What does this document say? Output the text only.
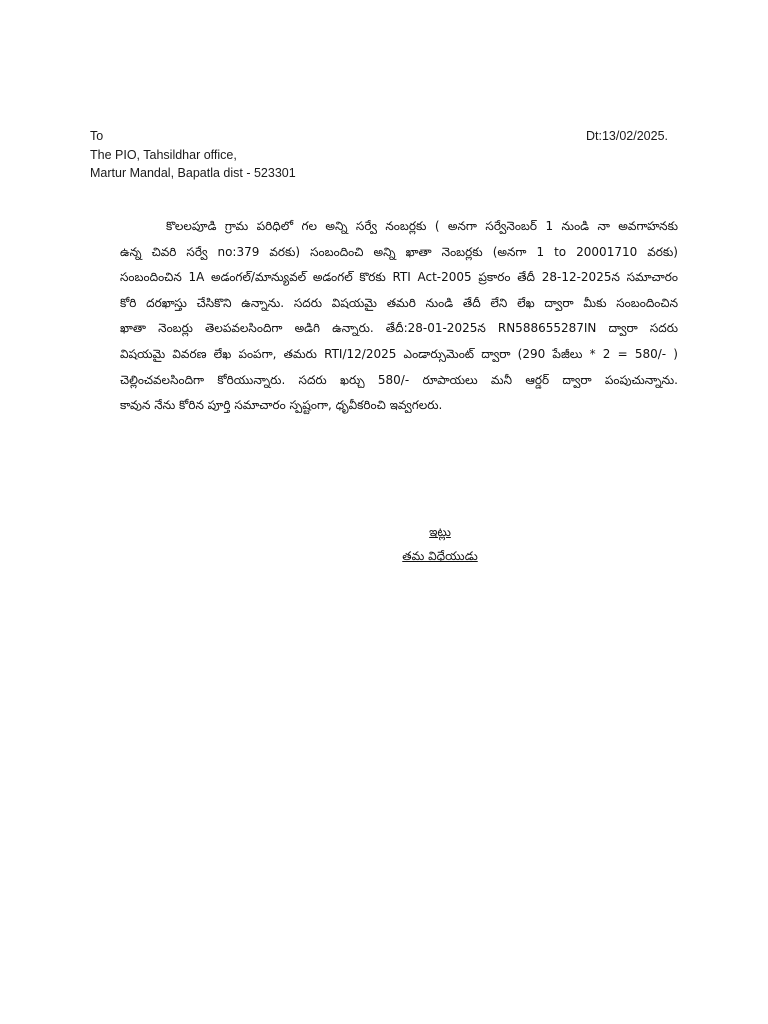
To
The PIO, Tahsildhar office,
Martur Mandal, Bapatla dist - 523301
Dt:13/02/2025.
కొలలపూడి గ్రామ పరిధిలో గల అన్ని సర్వే నంబర్లకు ( అనగా సర్వేనెంబర్ 1 నుండి నా అవగాహనకు
ఉన్న చివరి సర్వే no:379 వరకు) సంబందించి అన్ని ఖాతా నెంబర్లకు (అనగా 1 to 20001710 వరకు)
సంబందించిన 1A అడంగల్/మాన్యువల్ అడంగల్ కొరకు RTI Act-2005 ప్రకారం తేదీ 28-12-2025న సమాచారం
కోరి దరఖాస్తు చేసికొని ఉన్నాను. సదరు విషయమై తమరి నుండి తేదీ లేని లేఖ ద్వారా మీకు సంబందించిన
ఖాతా నెంబర్లు తెలపవలసిందిగా అడిగి ఉన్నారు. తేదీ:28-01-2025న RN588655287IN ద్వారా సదరు
విషయమై వివరణ లేఖ పంపగా, తమరు RTI/12/2025 ఎండార్సుమెంట్ ద్వారా (290 పేజీలు * 2 = 580/- )
చెల్లించవలసిందిగా కోరియున్నారు. సదరు ఖర్చు 580/- రూపాయలు మనీ ఆర్డర్ ద్వారా పంపుచున్నాను.
కావున నేను కోరిన పూర్తి సమాచారం స్పష్టంగా, ధృవీకరించి ఇవ్వగలరు.
ఇట్లు
తమ విధేయుడు
